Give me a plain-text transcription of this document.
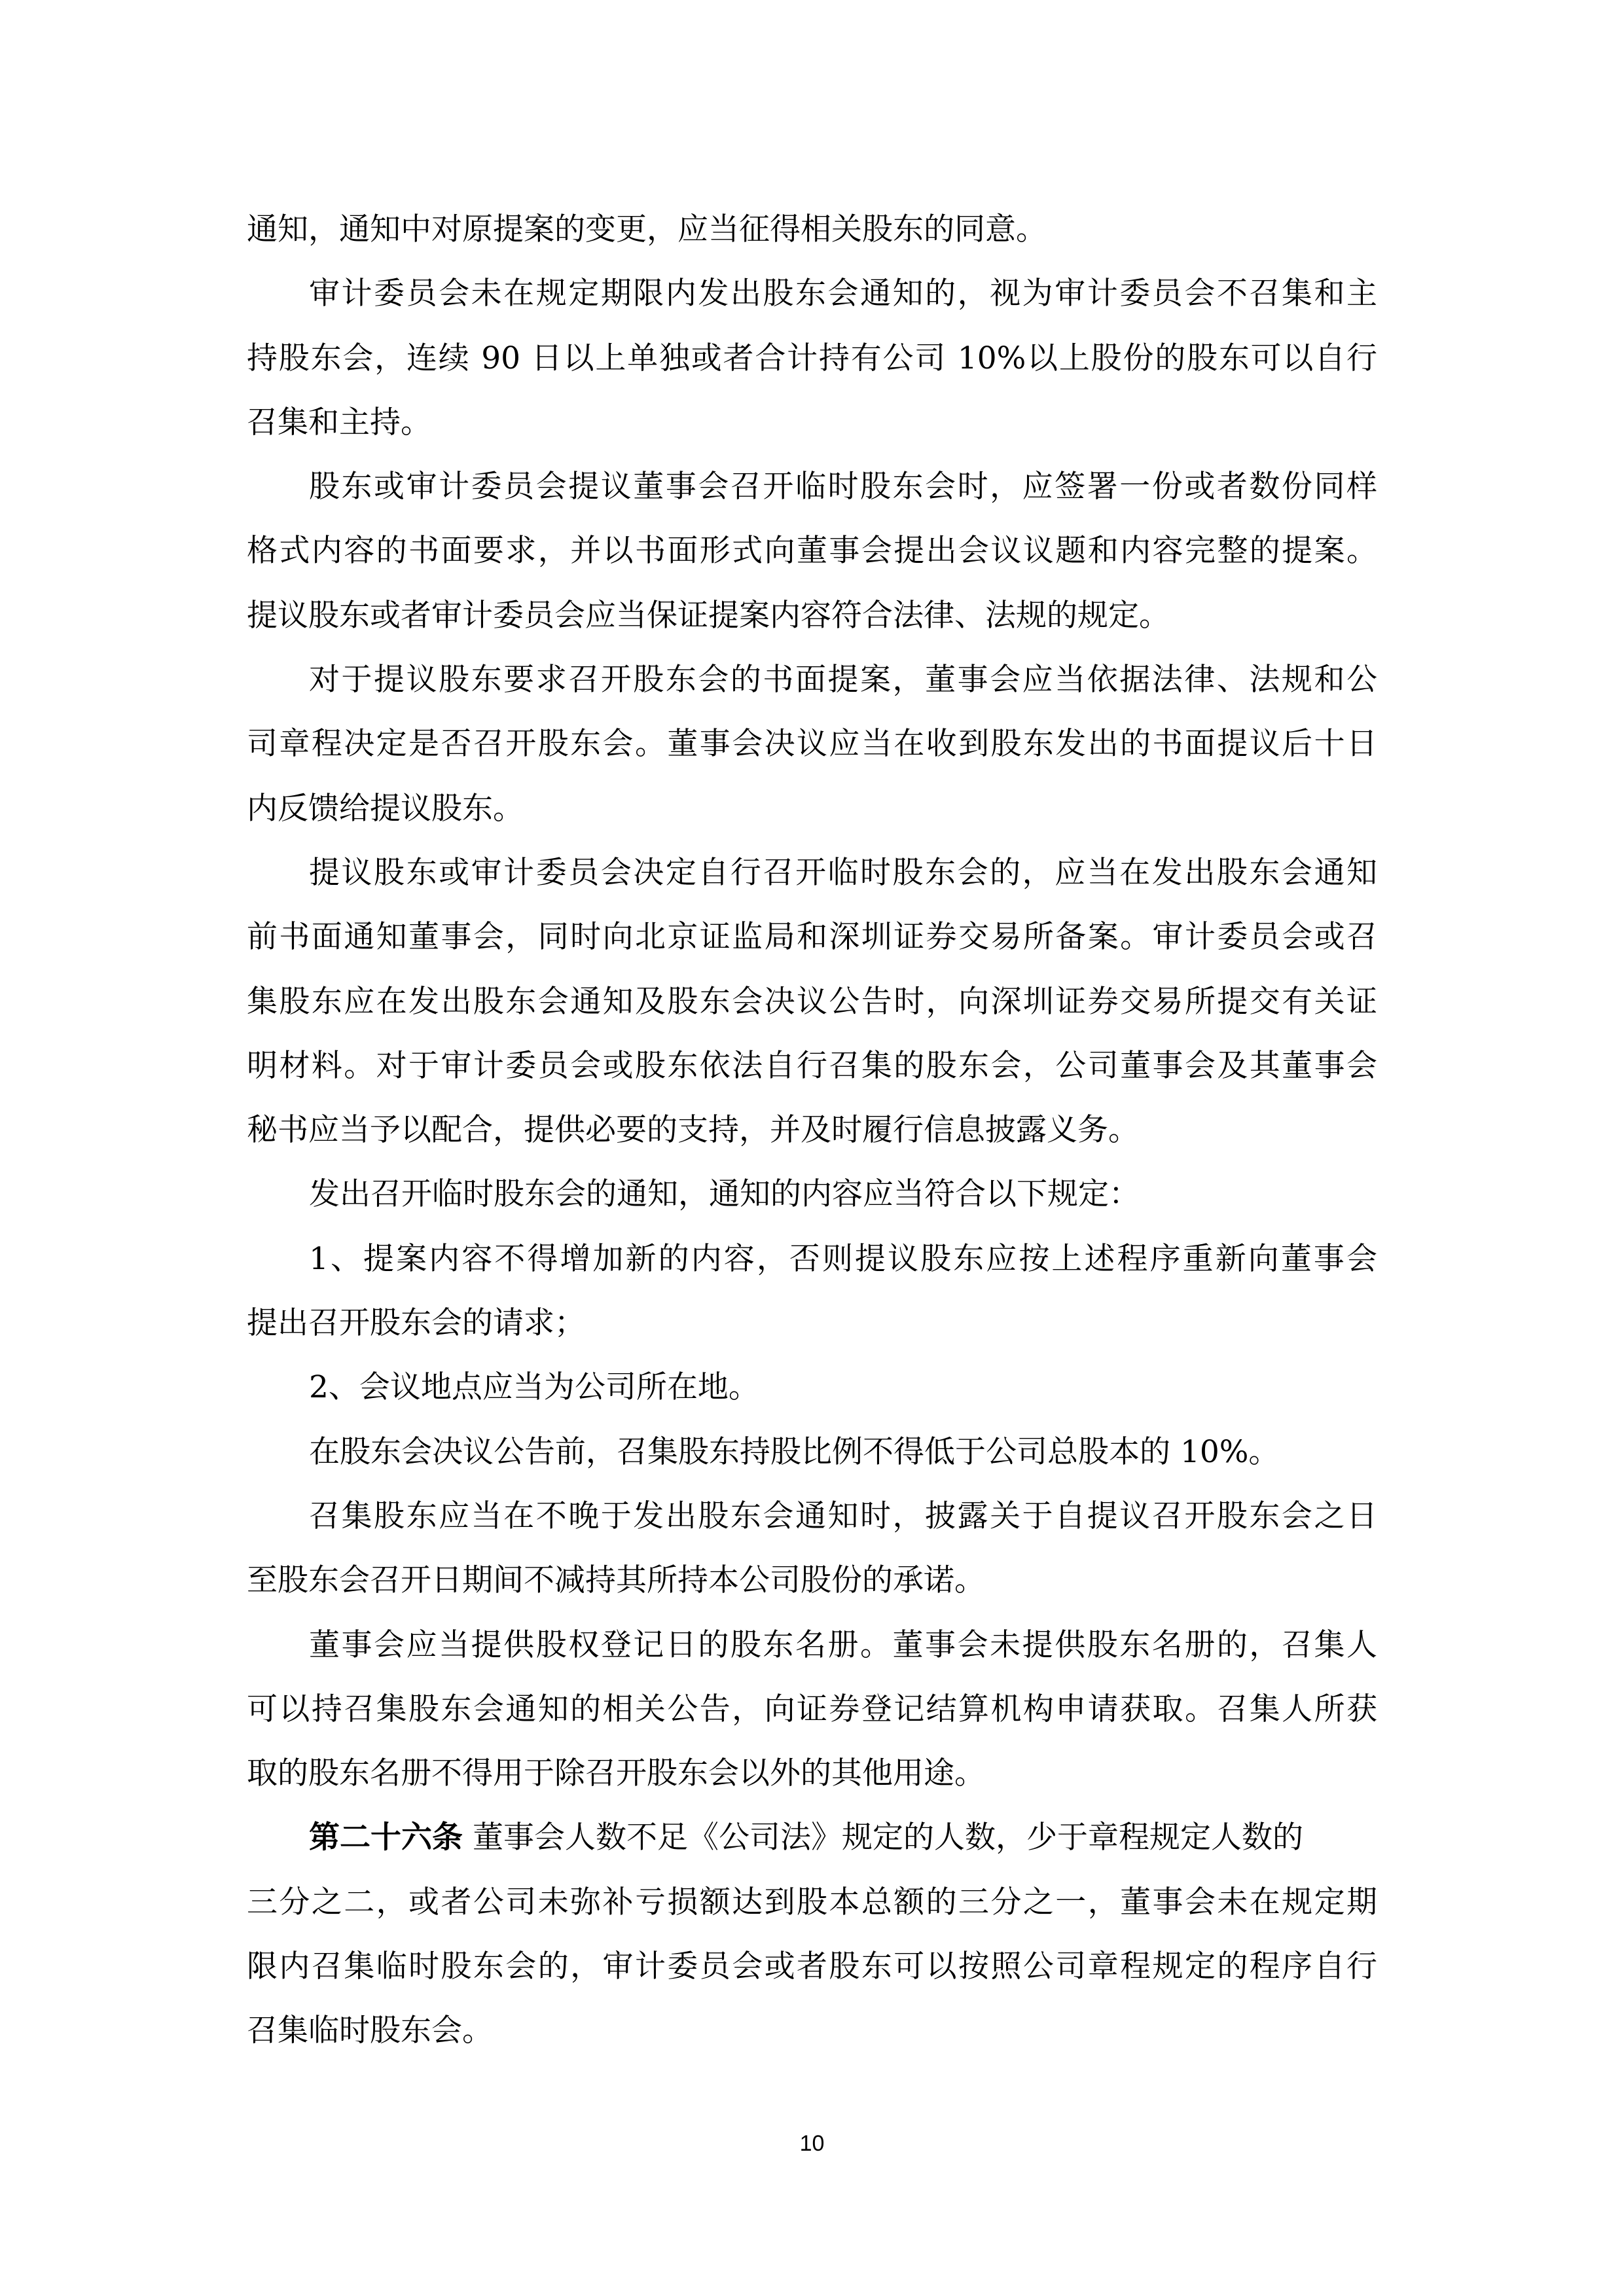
通知，通知中对原提案的变更，应当征得相关股东的同意。
审计委员会未在规定期限内发出股东会通知的，视为审计委员会不召集和主
持股东会，连续 90 日以上单独或者合计持有公司 10%以上股份的股东可以自行
召集和主持。
股东或审计委员会提议董事会召开临时股东会时，应签署一份或者数份同样
格式内容的书面要求，并以书面形式向董事会提出会议议题和内容完整的提案。
提议股东或者审计委员会应当保证提案内容符合法律、法规的规定。
对于提议股东要求召开股东会的书面提案，董事会应当依据法律、法规和公
司章程决定是否召开股东会。董事会决议应当在收到股东发出的书面提议后十日
内反馈给提议股东。
提议股东或审计委员会决定自行召开临时股东会的，应当在发出股东会通知
前书面通知董事会，同时向北京证监局和深圳证券交易所备案。审计委员会或召
集股东应在发出股东会通知及股东会决议公告时，向深圳证券交易所提交有关证
明材料。对于审计委员会或股东依法自行召集的股东会，公司董事会及其董事会
秘书应当予以配合，提供必要的支持，并及时履行信息披露义务。
发出召开临时股东会的通知，通知的内容应当符合以下规定：
1、提案内容不得增加新的内容，否则提议股东应按上述程序重新向董事会
提出召开股东会的请求；
2、会议地点应当为公司所在地。
在股东会决议公告前，召集股东持股比例不得低于公司总股本的 10%。
召集股东应当在不晚于发出股东会通知时，披露关于自提议召开股东会之日
至股东会召开日期间不减持其所持本公司股份的承诺。
董事会应当提供股权登记日的股东名册。董事会未提供股东名册的，召集人
可以持召集股东会通知的相关公告，向证券登记结算机构申请获取。召集人所获
取的股东名册不得用于除召开股东会以外的其他用途。
第二十六条 董事会人数不足《公司法》规定的人数，少于章程规定人数的
三分之二，或者公司未弥补亏损额达到股本总额的三分之一，董事会未在规定期
限内召集临时股东会的，审计委员会或者股东可以按照公司章程规定的程序自行
召集临时股东会。
10
